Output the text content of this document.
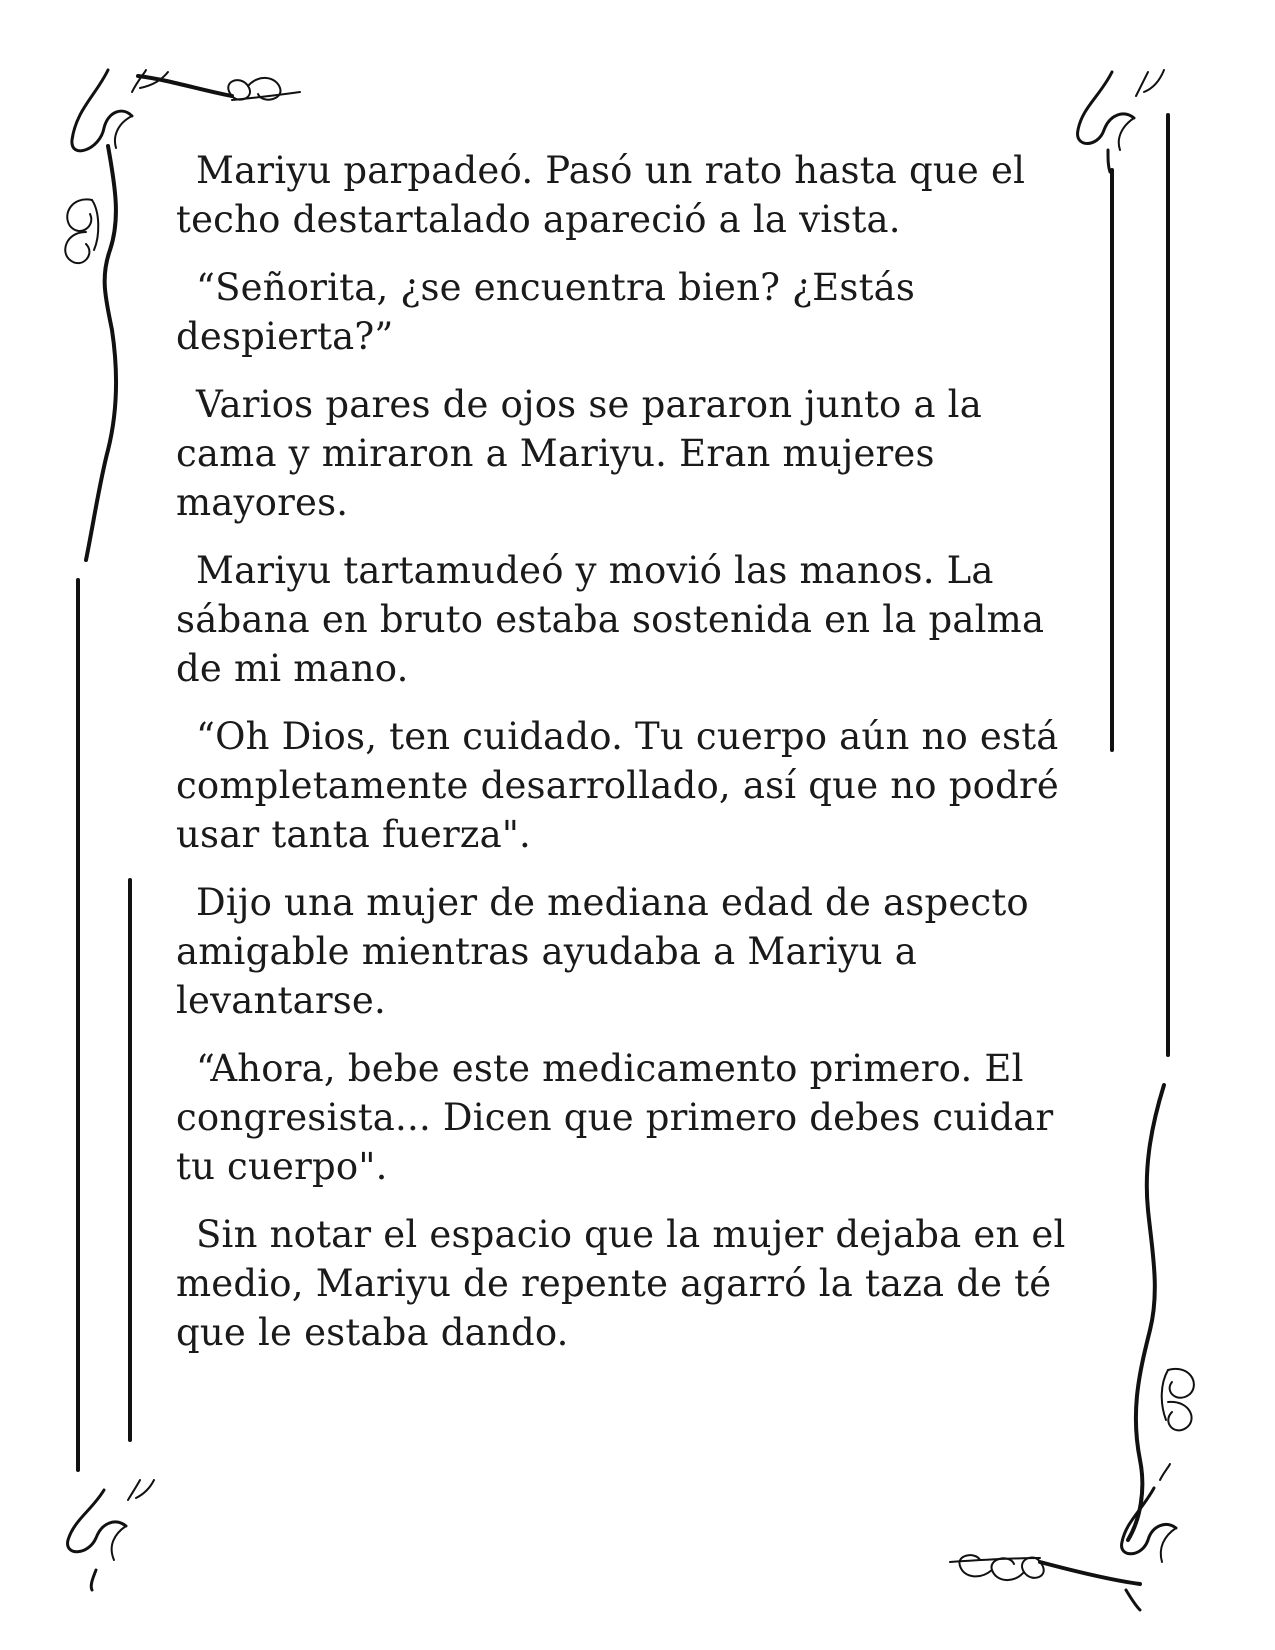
Mariyu parpadeó. Pasó un rato hasta que el
techo destartalado apareció a la vista.

“Señorita, ¿se encuentra bien? ¿Estás
despierta?”

Varios pares de ojos se pararon junto a la
cama y miraron a Mariyu. Eran mujeres
mayores.

Mariyu tartamudeó y movió las manos. La
sábana en bruto estaba sostenida en la palma
de mi mano.

“Oh Dios, ten cuidado. Tu cuerpo aún no está
completamente desarrollado, así que no podré
usar tanta fuerza".

Dijo una mujer de mediana edad de aspecto
amigable mientras ayudaba a Mariyu a
levantarse.

“Ahora, bebe este medicamento primero. El
congresista... Dicen que primero debes cuidar
tu cuerpo".

Sin notar el espacio que la mujer dejaba en el
medio, Mariyu de repente agarró la taza de té
que le estaba dando.
